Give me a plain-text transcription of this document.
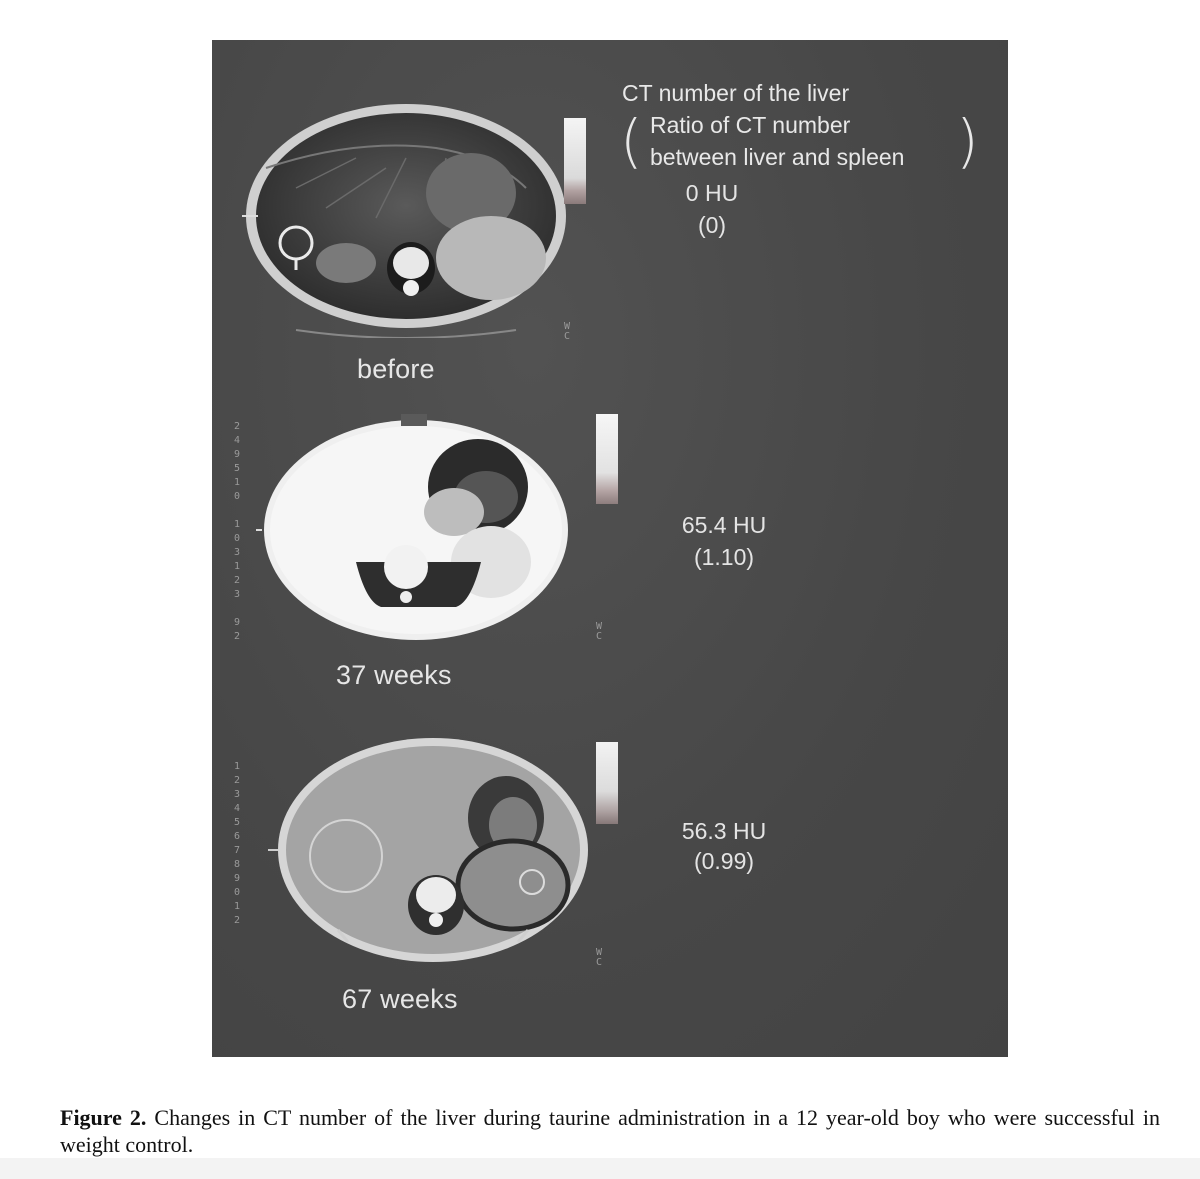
CT number of the liver
( Ratio of CT number
between liver and spleen )
W
C
before
0 HU
(0)
W
C
37 weeks
65.4 HU
(1.10)
W
C
67 weeks
56.3 HU
(0.99)
2
4
9
5
1
0

1
0
3
1
2
3

9
2
1
2
3
4
5
6
7
8
9
0
1
2
Figure 2. Changes in CT number of the liver during taurine administration in a 12 year-old boy who were successful in weight control.
